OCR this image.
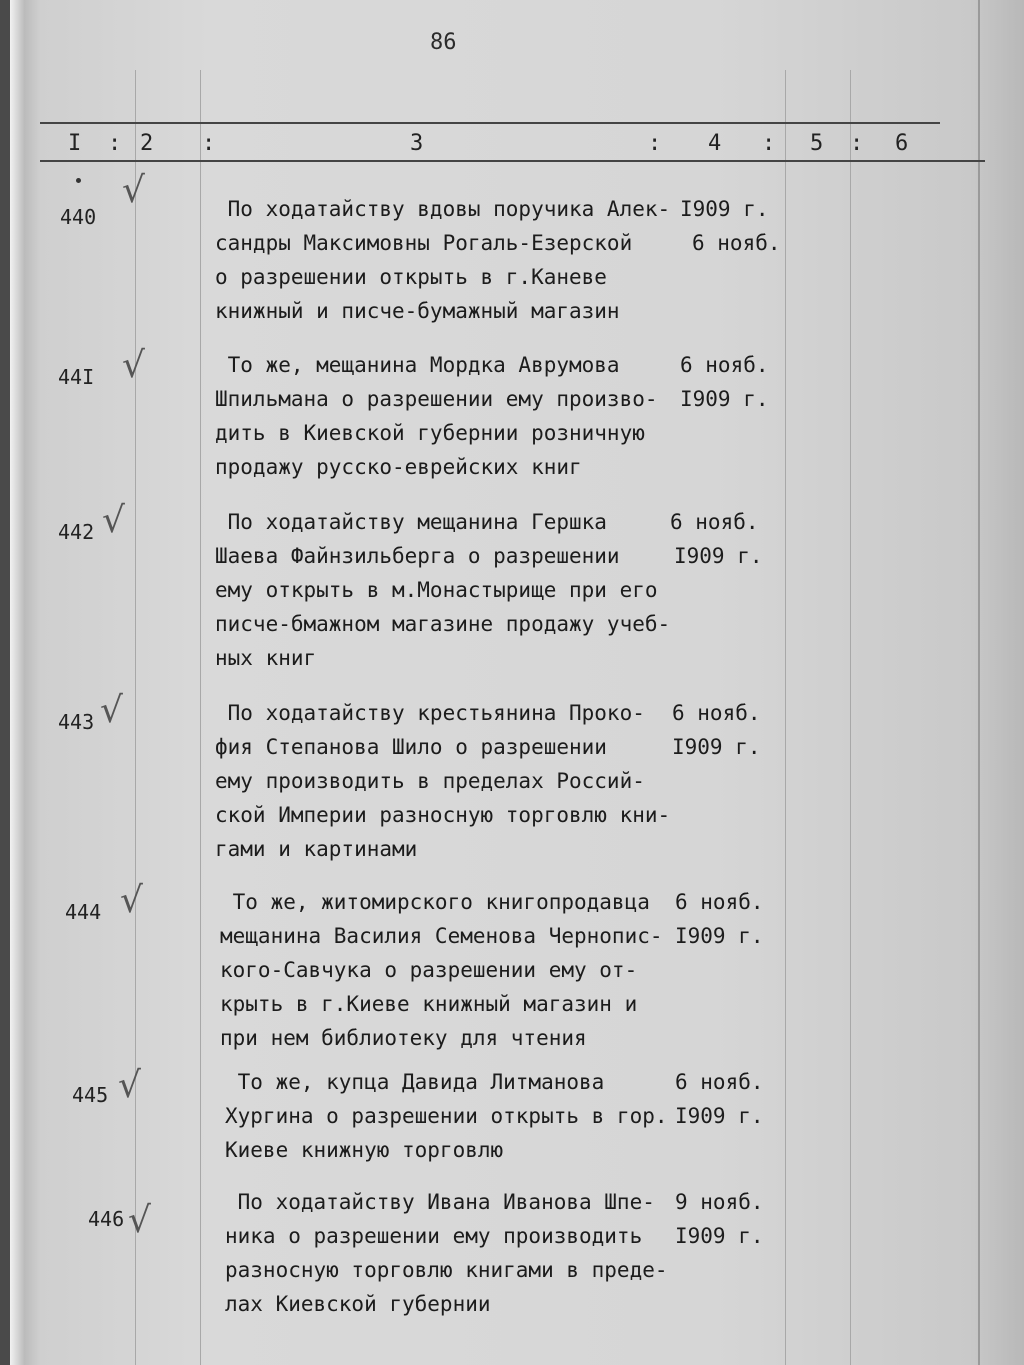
86
I : 2 :	3	: 4 : 5 : 6
440
√	По ходатайству вдовы поручика Алек-
сандры Максимовны Рогаль-Езерской
о разрешении открыть в г.Каневе
книжный и писче-бумажный магазин
I909 г.
6 нояб.
44I √	То же, мещанина Мордка Аврумова
Шпильмана о разрешении ему произво-
дить в Киевской губернии розничную
продажу русско-еврейских книг
6 нояб.
I909 г.
442 √	По ходатайству мещанина Гершка
Шаева Файнзильберга о разрешении
ему открыть в м.Монастырище при его
писче-бмажном магазине продажу учеб-
ных книг
6 нояб.
I909 г.
443 √	По ходатайству крестьянина Проко-
фия Степанова Шило о разрешении
ему производить в пределах Россий-
ской Империи разносную торговлю кни-
гами и картинами
6 нояб.
I909 г.
444 √	То же, житомирского книгопродавца
мещанина Василия Семенова Чернопис-
кого-Савчука о разрешении ему от-
крыть в г.Киеве книжный магазин и
при нем библиотеку для чтения
6 нояб.
I909 г.
445 √	То же, купца Давида Литманова
Хургина о разрешении открыть в гор.
Киеве книжную торговлю
6 нояб.
I909 г.
446 √	По ходатайству Ивана Иванова Шпе-
ника о разрешении ему производить
разносную торговлю книгами в преде-
лах Киевской губернии
9 нояб.
I909 г.
